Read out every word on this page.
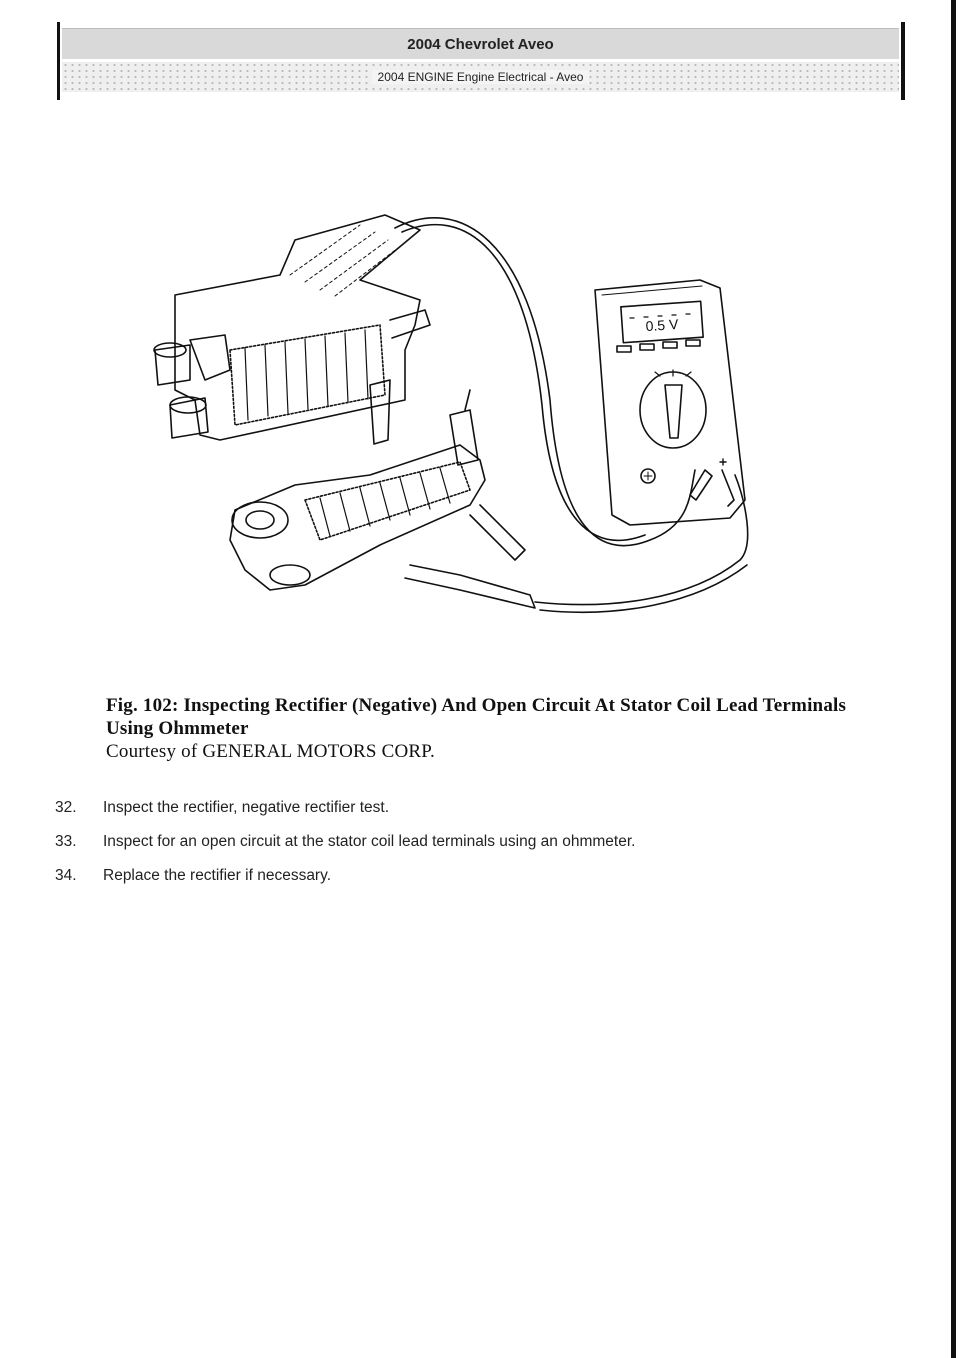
2004 Chevrolet Aveo
2004 ENGINE Engine Electrical - Aveo
0.5 V
Fig. 102: Inspecting Rectifier (Negative) And Open Circuit At Stator Coil Lead Terminals Using Ohmmeter
Courtesy of GENERAL MOTORS CORP.
32.	Inspect the rectifier, negative rectifier test.
33.	Inspect for an open circuit at the stator coil lead terminals using an ohmmeter.
34.	Replace the rectifier if necessary.
